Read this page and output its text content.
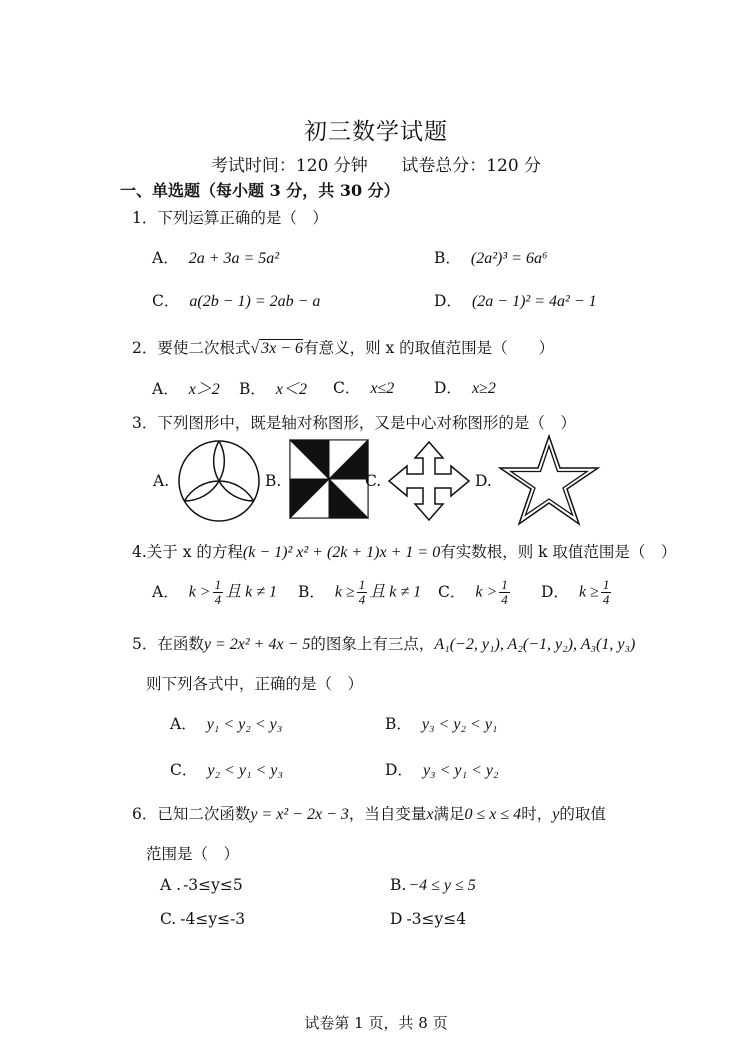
初三数学试题
考试时间：120 分钟 试卷总分：120 分
一、单选题（每小题 3 分，共 30 分）
1．下列运算正确的是（　）
A． 2a + 3a = 5a²	B． (2a²)³ = 6a⁶
C． a(2b − 1) = 2ab − a	D． (2a − 1)² = 4a² − 1
2．要使二次根式√ 3x − 6有意义，则 x 的取值范围是（　　）
A． x＞2 B． x＜2 C． x≤2	D． x≥2
3．下列图形中，既是轴对称图形，又是中心对称图形的是（　）
A.	B.	C.	D.
4.关于 x 的方程(k − 1)² x² + (2k + 1)x + 1 = 0有实数根，则 k 取值范围是（　）
A． $k > \frac{1}{4}$ 且 k ≠ 1 B． $k \ge \frac{1}{4}$ 且 k ≠ 1 C． $k > \frac{1}{4}$ D． $k \ge \frac{1}{4}$
5．在函数y = 2x² + 4x − 5的图象上有三点，A₁(−2, y₁), A₂(−1, y₂), A₃(1, y₃)
则下列各式中，正确的是（　）
A． y₁ < y₂ < y₃	B． y₃ < y₂ < y₁
C． y₂ < y₁ < y₃	D． y₃ < y₁ < y₂
6．已知二次函数y = x² − 2x − 3，当自变量x满足0 ≤ x ≤ 4时，y的取值
范围是（　）
A . -3≤y≤5	B. −4 ≤ y ≤ 5
C. -4≤y≤-3	D -3≤y≤4
试卷第 1 页，共 8 页
